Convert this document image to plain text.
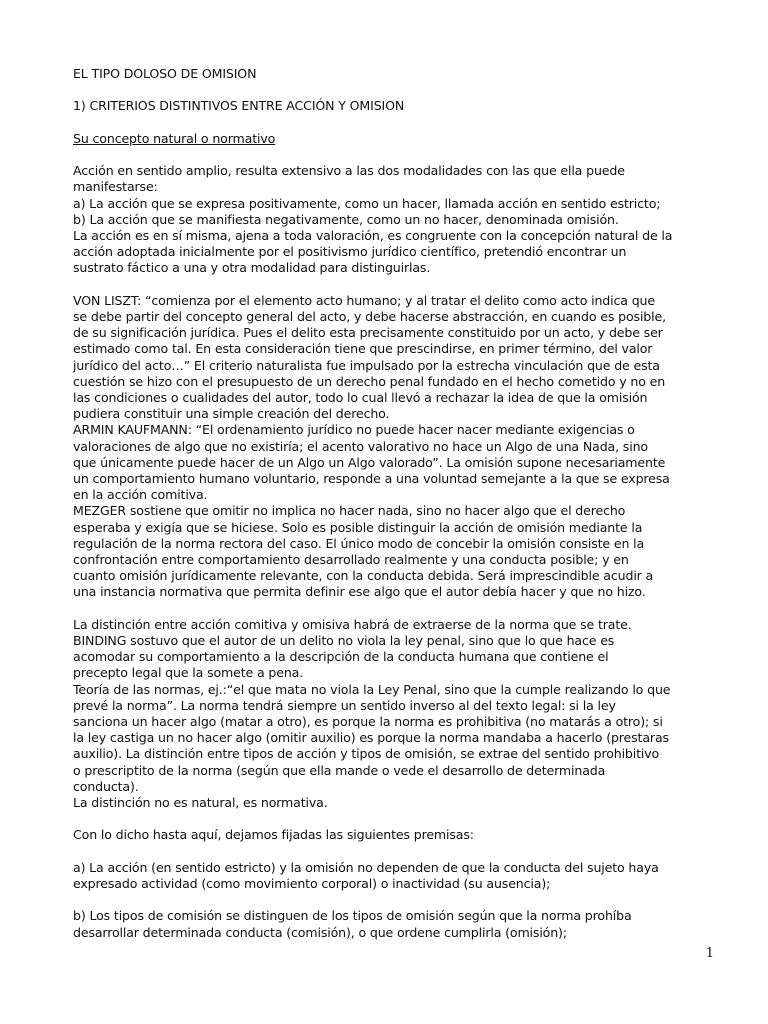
EL TIPO DOLOSO DE OMISION

1) CRITERIOS DISTINTIVOS ENTRE ACCIÓN Y OMISION

Su concepto natural o normativo

Acción en sentido amplio, resulta extensivo a las dos modalidades con las que ella puede
manifestarse:
a) La acción que se expresa positivamente, como un hacer, llamada acción en sentido estricto;
b) La acción que se manifiesta negativamente, como un no hacer, denominada omisión.
La acción es en sí misma, ajena a toda valoración, es congruente con la concepción natural de la
acción adoptada inicialmente por el positivismo jurídico científico, pretendió encontrar un
sustrato fáctico a una y otra modalidad para distinguirlas.

VON LISZT: “comienza por el elemento acto humano; y al tratar el delito como acto indica que
se debe partir del concepto general del acto, y debe hacerse abstracción, en cuando es posible,
de su significación jurídica. Pues el delito esta precisamente constituido por un acto, y debe ser
estimado como tal. En esta consideración tiene que prescindirse, en primer término, del valor
jurídico del acto…” El criterio naturalista fue impulsado por la estrecha vinculación que de esta
cuestión se hizo con el presupuesto de un derecho penal fundado en el hecho cometido y no en
las condiciones o cualidades del autor, todo lo cual llevó a rechazar la idea de que la omisión
pudiera constituir una simple creación del derecho.
ARMIN KAUFMANN: “El ordenamiento jurídico no puede hacer nacer mediante exigencias o
valoraciones de algo que no existiría; el acento valorativo no hace un Algo de una Nada, sino
que únicamente puede hacer de un Algo un Algo valorado”. La omisión supone necesariamente
un comportamiento humano voluntario, responde a una voluntad semejante a la que se expresa
en la acción comitiva.
MEZGER sostiene que omitir no implica no hacer nada, sino no hacer algo que el derecho
esperaba y exigía que se hiciese. Solo es posible distinguir la acción de omisión mediante la
regulación de la norma rectora del caso. El único modo de concebir la omisión consiste en la
confrontación entre comportamiento desarrollado realmente y una conducta posible; y en
cuanto omisión jurídicamente relevante, con la conducta debida. Será imprescindible acudir a
una instancia normativa que permita definir ese algo que el autor debía hacer y que no hizo.

La distinción entre acción comitiva y omisiva habrá de extraerse de la norma que se trate.
BINDING sostuvo que el autor de un delito no viola la ley penal, sino que lo que hace es
acomodar su comportamiento a la descripción de la conducta humana que contiene el
precepto legal que la somete a pena.
Teoría de las normas, ej.:“el que mata no viola la Ley Penal, sino que la cumple realizando lo que
prevé la norma”. La norma tendrá siempre un sentido inverso al del texto legal: si la ley
sanciona un hacer algo (matar a otro), es porque la norma es prohibitiva (no matarás a otro); si
la ley castiga un no hacer algo (omitir auxilio) es porque la norma mandaba a hacerlo (prestaras
auxilio). La distinción entre tipos de acción y tipos de omisión, se extrae del sentido prohibitivo
o prescriptito de la norma (según que ella mande o vede el desarrollo de determinada
conducta).
La distinción no es natural, es normativa.

Con lo dicho hasta aquí, dejamos fijadas las siguientes premisas:

a) La acción (en sentido estricto) y la omisión no dependen de que la conducta del sujeto haya
expresado actividad (como movimiento corporal) o inactividad (su ausencia);

b) Los tipos de comisión se distinguen de los tipos de omisión según que la norma prohíba
desarrollar determinada conducta (comisión), o que ordene cumplirla (omisión);

1
